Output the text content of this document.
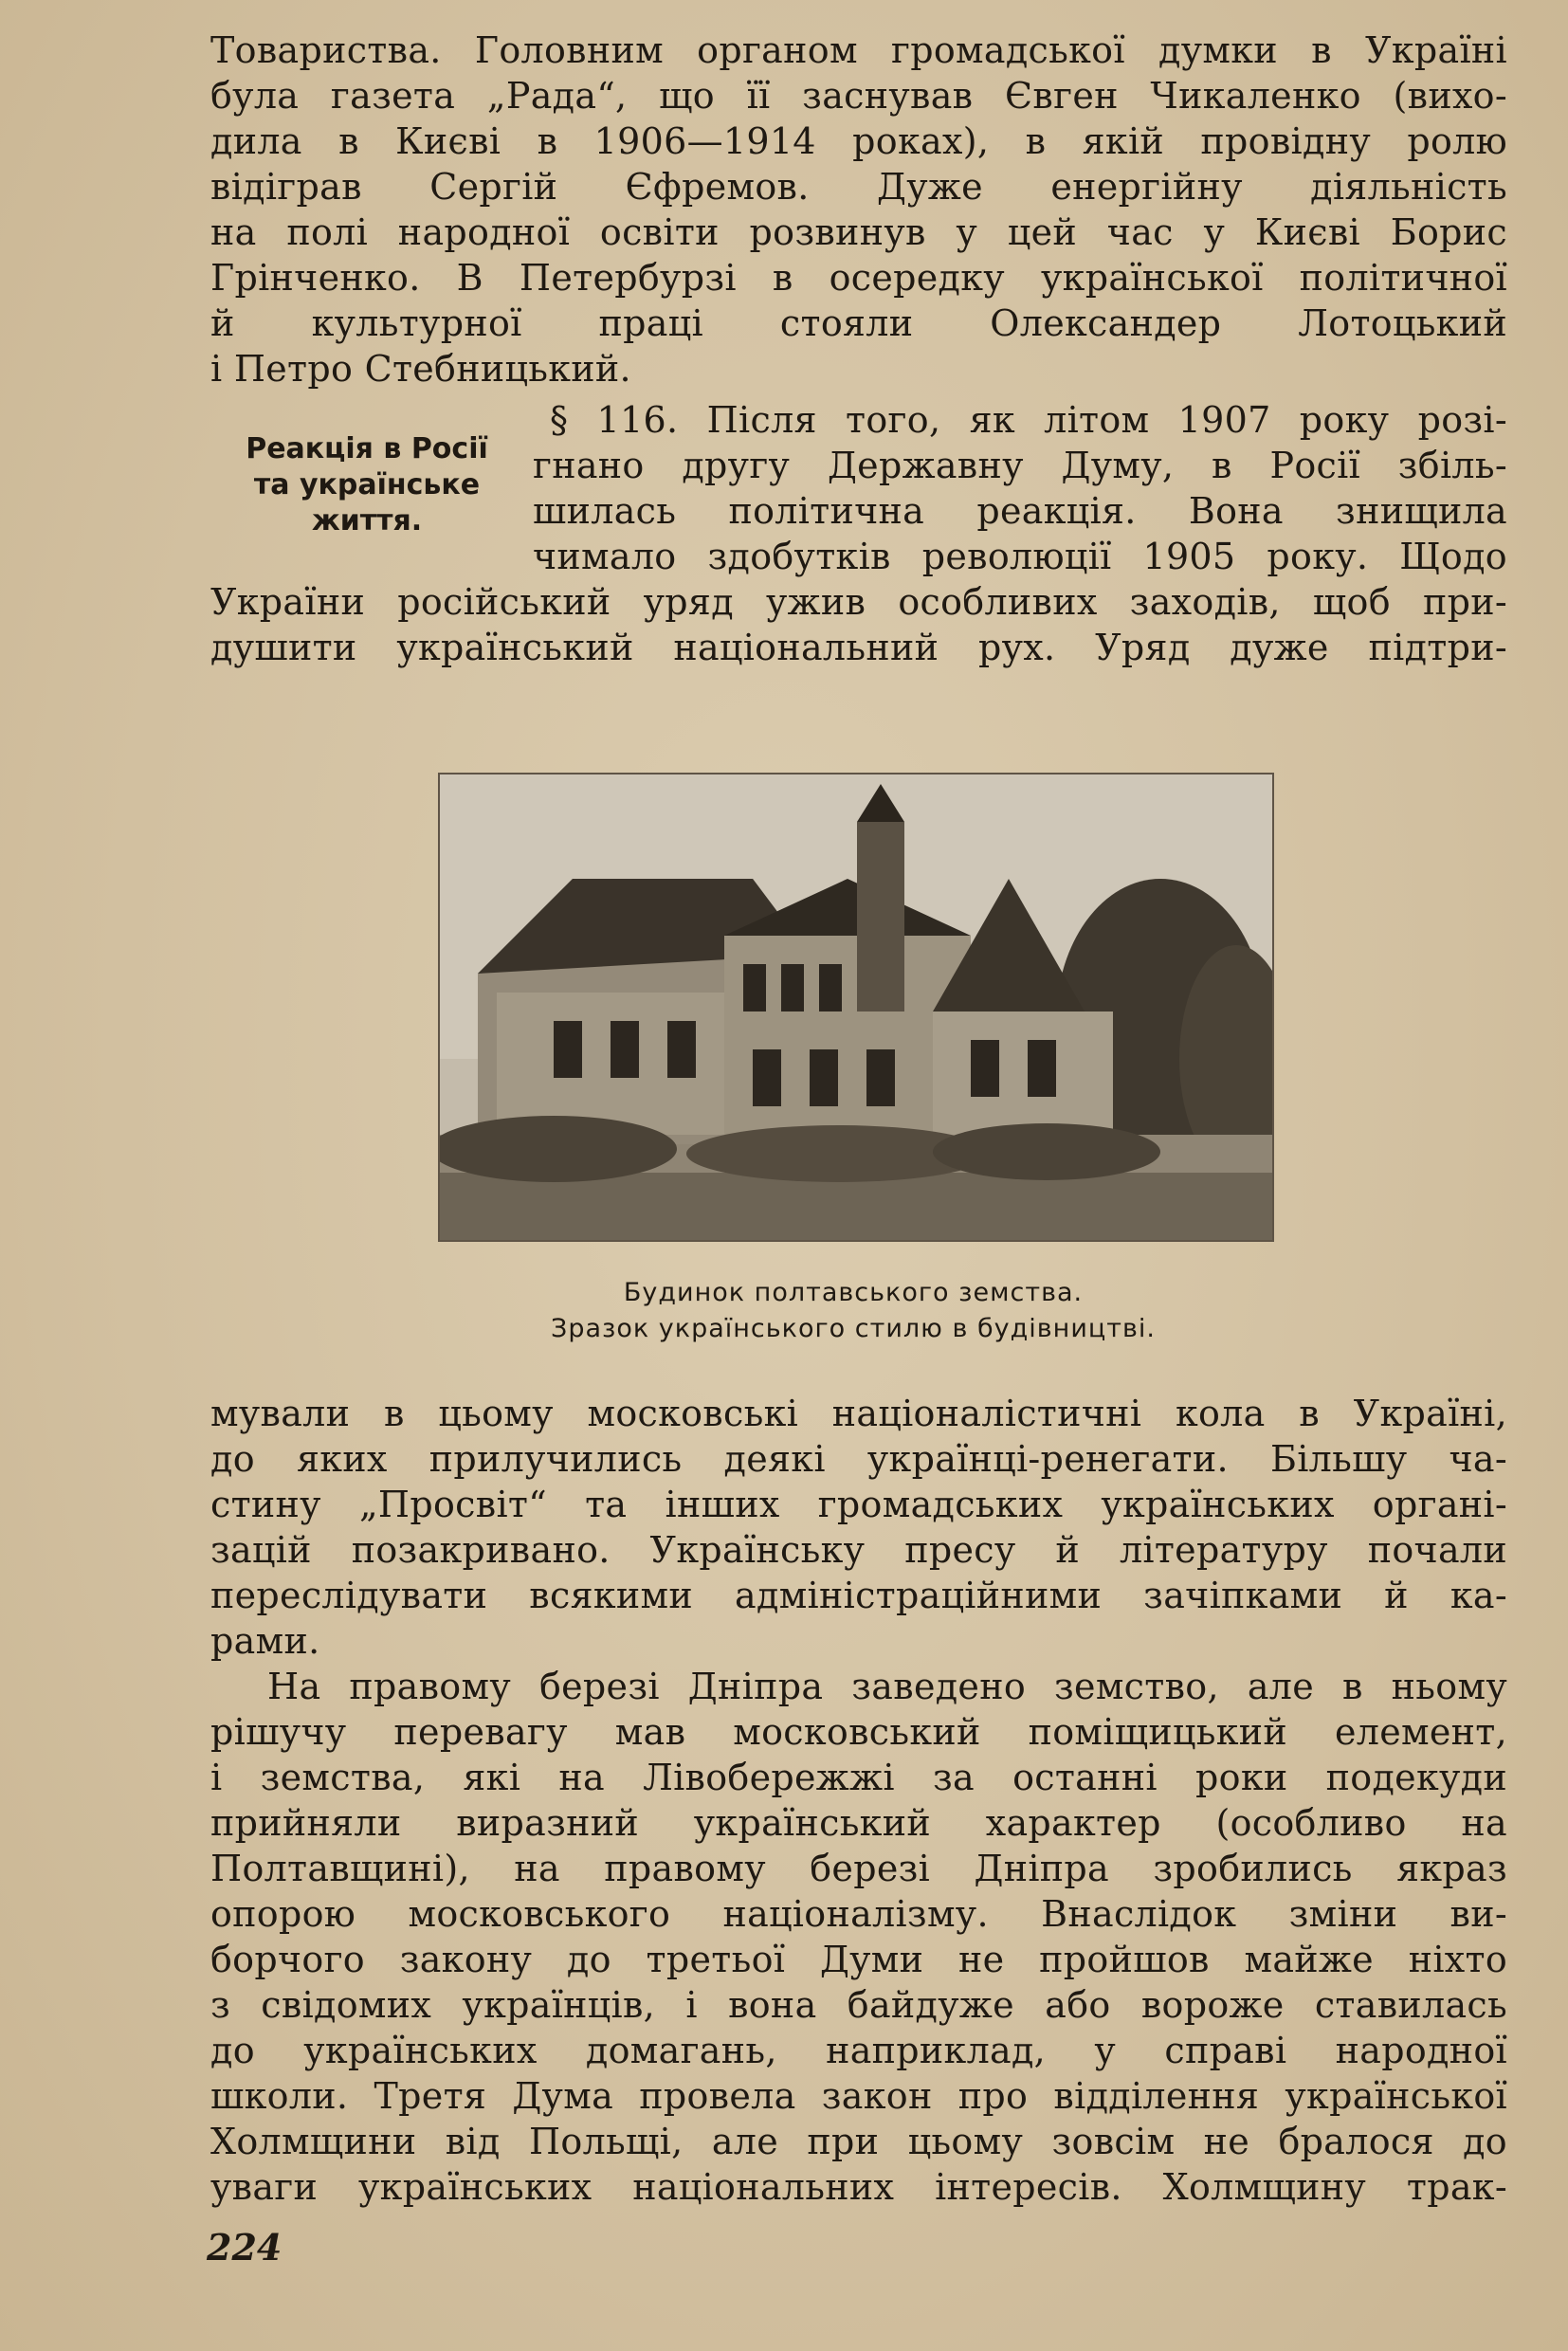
Товариства. Головним органом громадської думки в Україні
була газета „Рада“, що її заснував Євген Чикаленко (вихо-
дила в Києві в 1906—1914 роках), в якій провідну ролю
відіграв Сергій Єфремов. Дуже енергійну діяльність
на полі народної освіти розвинув у цей час у Києві Борис
Грінченко. В Петербурзі в осередку української політичної
й культурної праці стояли Олександер Лотоцький
і Петро Стебницький.
Реакція в Росії
та українське
життя.
§ 116. Після того, як літом 1907 року розі-
гнано другу Державну Думу, в Росії збіль-
шилась політична реакція. Вона знищила
чимало здобутків революції 1905 року. Щодо
України російський уряд ужив особливих заходів, щоб при-
душити український національний рух. Уряд дуже підтри-
Будинок полтавського земства.
Зразок українського стилю в будівництві.
мували в цьому московські націоналістичні кола в Україні,
до яких прилучились деякі українці-ренегати. Більшу ча-
стину „Просвіт“ та інших громадських українських органі-
зацій позакривано. Українську пресу й літературу почали
переслідувати всякими адміністраційними зачіпками й ка-
рами.
На правому березі Дніпра заведено земство, але в ньому
рішучу перевагу мав московський поміщицький елемент,
і земства, які на Лівобережжі за останні роки подекуди
прийняли виразний український характер (особливо на
Полтавщині), на правому березі Дніпра зробились якраз
опорою московського націоналізму. Внаслідок зміни ви-
борчого закону до третьої Думи не пройшов майже ніхто
з свідомих українців, і вона байдуже або вороже ставилась
до українських домагань, наприклад, у справі народної
школи. Третя Дума провела закон про відділення української
Холмщини від Польщі, але при цьому зовсім не бралося до
уваги українських національних інтересів. Холмщину трак-
224
